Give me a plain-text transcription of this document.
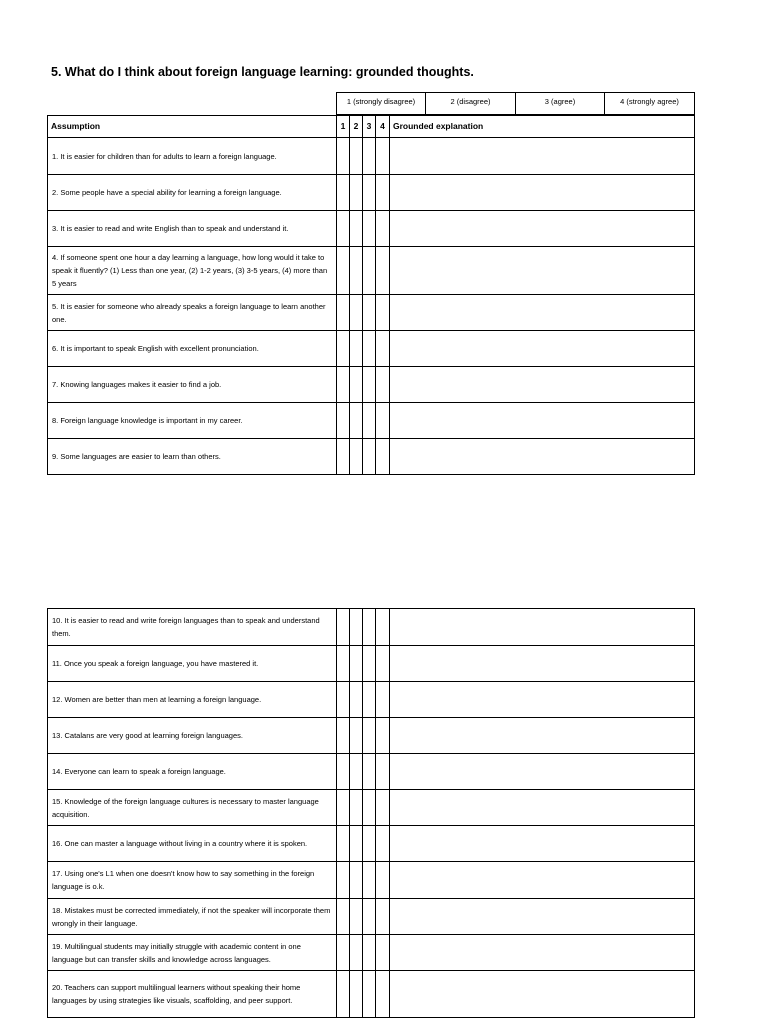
5. What do I think about foreign language learning: grounded thoughts.
1 (strongly disagree)	2 (disagree)	3 (agree)	4 (strongly agree)
Assumption	1	2	3	4	Grounded explanation
1. It is easier for children than for adults to learn a foreign language.					
2. Some people have a special ability for learning a foreign language.					
3. It is easier to read and write English than to speak and understand it.					
4. If someone spent one hour a day learning a language, how long would it take to speak it fluently? (1) Less than one year, (2) 1-2 years, (3) 3-5 years, (4) more than 5 years					
5. It is easier for someone who already speaks a foreign language to learn another one.					
6. It is important to speak English with excellent pronunciation.					
7. Knowing languages makes it easier to find a job.					
8. Foreign language knowledge is important in my career.					
9. Some languages are easier to learn than others.					
10. It is easier to read and write foreign languages than to speak and understand them.					
11. Once you speak a foreign language, you have mastered it.					
12. Women are better than men at learning a foreign language.					
13. Catalans are very good at learning foreign languages.					
14. Everyone can learn to speak a foreign language.					
15. Knowledge of the foreign language cultures is necessary to master language acquisition.					
16. One can master a language without living in a country where it is spoken.					
17. Using one's L1 when one doesn't know how to say something in the foreign language is o.k.					
18. Mistakes must be corrected immediately, if not the speaker will incorporate them wrongly in their language.					
19. Multilingual students may initially struggle with academic content in one language but can transfer skills and knowledge across languages.					
20. Teachers can support multilingual learners without speaking their home languages by using strategies like visuals, scaffolding, and peer support.					
